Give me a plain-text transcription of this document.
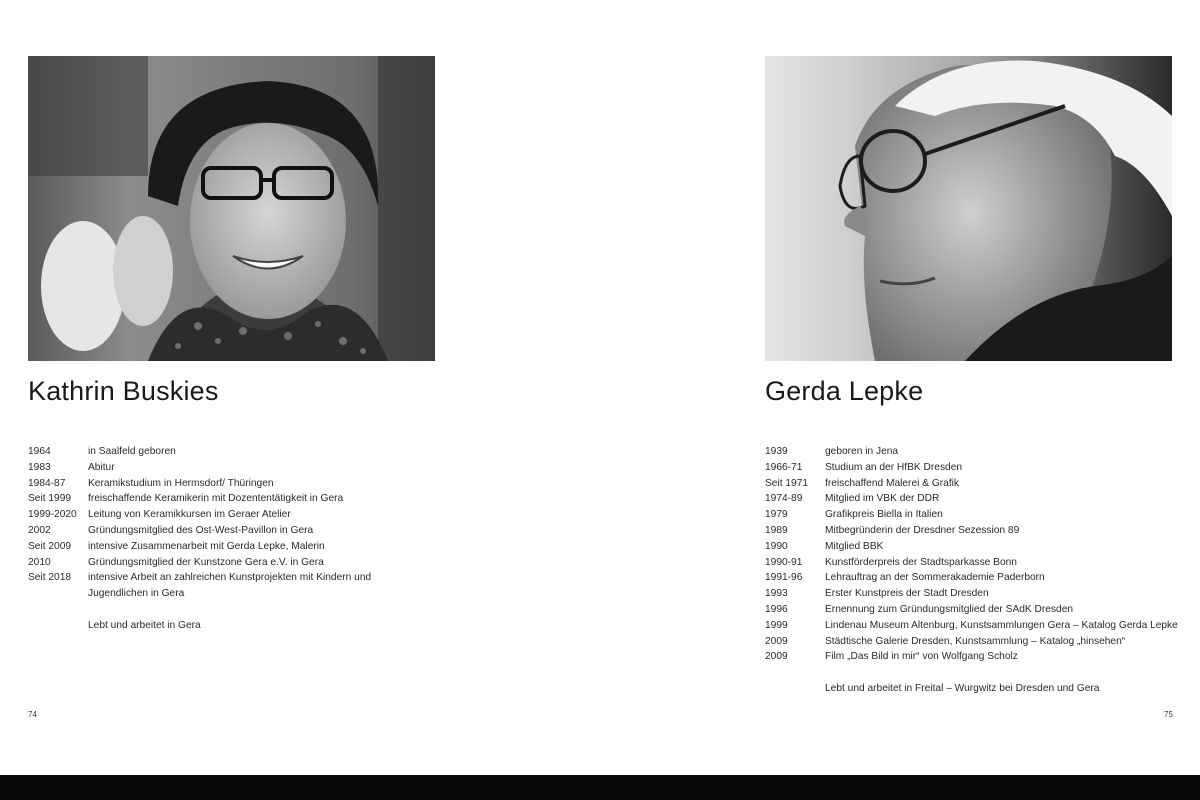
Kathrin Buskies
1964	in Saalfeld geboren
1983	Abitur
1984-87	Keramikstudium in Hermsdorf/ Thüringen
Seit 1999	freischaffende Keramikerin mit Dozententätigkeit in Gera
1999-2020	Leitung von Keramikkursen im Geraer Atelier
2002	Gründungsmitglied des Ost-West-Pavillon in Gera
Seit 2009	intensive Zusammenarbeit mit Gerda Lepke, Malerin
2010	Gründungsmitglied der Kunstzone Gera e.V. in Gera
Seit 2018	intensive Arbeit an zahlreichen Kunstprojekten mit Kindern und Jugendlichen in Gera
Lebt und arbeitet in Gera
74
Gerda Lepke
1939	geboren in Jena
1966-71	Studium an der HfBK Dresden
Seit 1971	freischaffend Malerei & Grafik
1974-89	Mitglied im VBK der DDR
1979	Grafikpreis Biella in Italien
1989	Mitbegründerin der Dresdner Sezession 89
1990	Mitglied BBK
1990-91	Kunstförderpreis der Stadtsparkasse Bonn
1991-96	Lehrauftrag an der Sommerakademie Paderborn
1993	Erster Kunstpreis der Stadt Dresden
1996	Ernennung zum Gründungsmitglied der SAdK Dresden
1999	Lindenau Museum Altenburg, Kunstsammlungen Gera – Katalog Gerda Lepke
2009	Städtische Galerie Dresden, Kunstsammlung – Katalog „hinsehen“
2009	Film „Das Bild in mir“ von Wolfgang Scholz
Lebt und arbeitet in Freital – Wurgwitz bei Dresden und Gera
75
